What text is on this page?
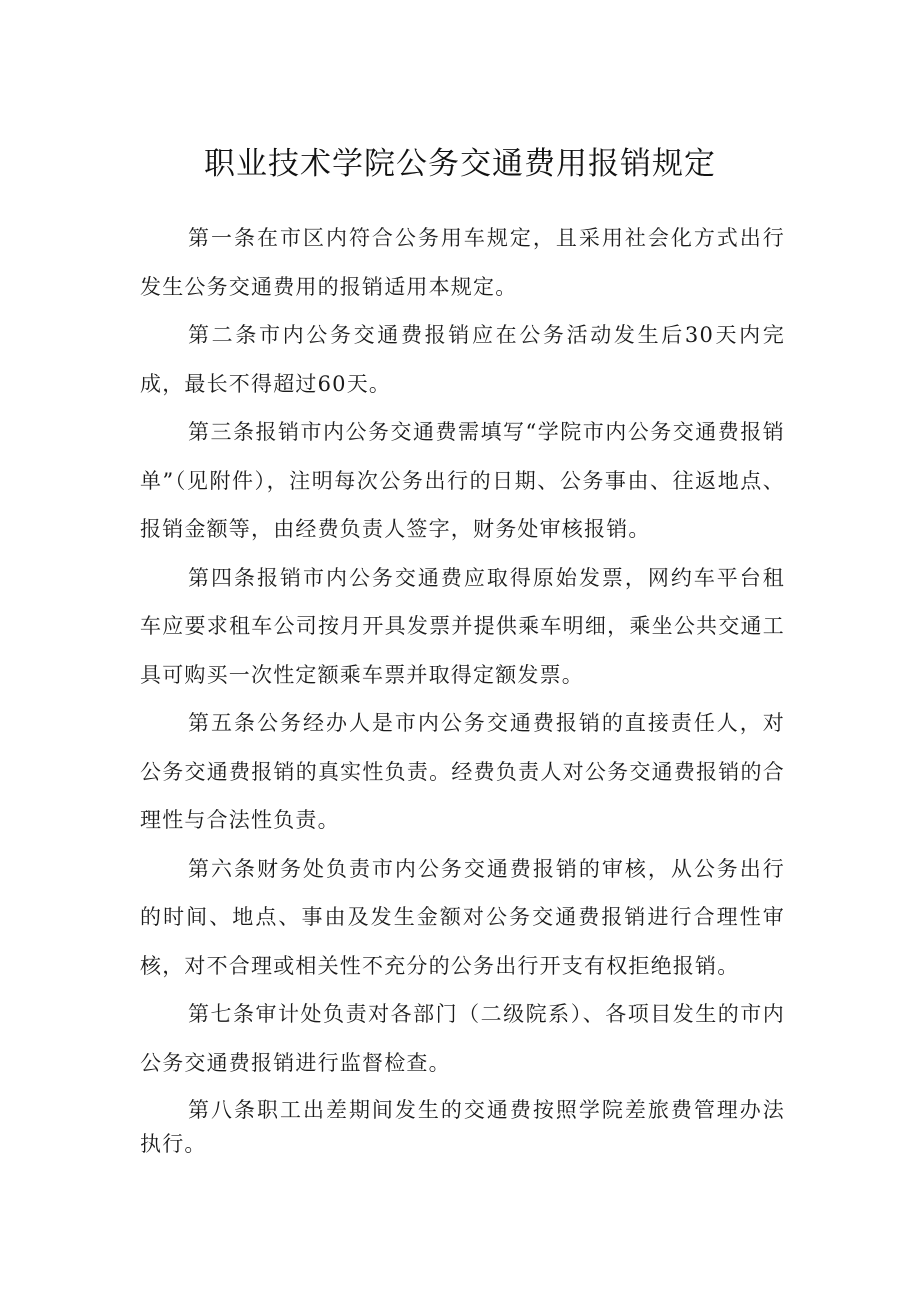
职业技术学院公务交通费用报销规定

第一条在市区内符合公务用车规定，且采用社会化方式出行发生公务交通费用的报销适用本规定。

第二条市内公务交通费报销应在公务活动发生后30天内完成，最长不得超过60天。

第三条报销市内公务交通费需填写“学院市内公务交通费报销单”（见附件），注明每次公务出行的日期、公务事由、往返地点、报销金额等，由经费负责人签字，财务处审核报销。

第四条报销市内公务交通费应取得原始发票，网约车平台租车应要求租车公司按月开具发票并提供乘车明细，乘坐公共交通工具可购买一次性定额乘车票并取得定额发票。

第五条公务经办人是市内公务交通费报销的直接责任人，对公务交通费报销的真实性负责。经费负责人对公务交通费报销的合理性与合法性负责。

第六条财务处负责市内公务交通费报销的审核，从公务出行的时间、地点、事由及发生金额对公务交通费报销进行合理性审核，对不合理或相关性不充分的公务出行开支有权拒绝报销。

第七条审计处负责对各部门（二级院系）、各项目发生的市内公务交通费报销进行监督检查。

第八条职工出差期间发生的交通费按照学院差旅费管理办法执行。
